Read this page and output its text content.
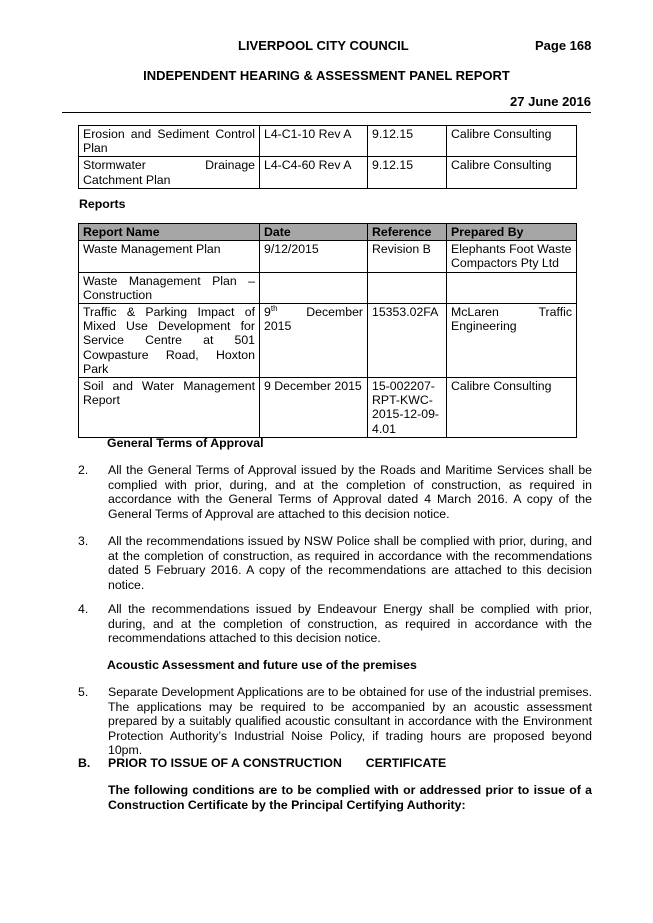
LIVERPOOL CITY COUNCIL	Page 168
INDEPENDENT HEARING & ASSESSMENT PANEL REPORT
27 June 2016
Erosion and Sediment Control Plan	L4-C1-10 Rev A	9.12.15	Calibre Consulting
Stormwater Drainage Catchment Plan	L4-C4-60 Rev A	9.12.15	Calibre Consulting
Reports
Report Name	Date	Reference	Prepared By
Waste Management Plan	9/12/2015	Revision B	Elephants Foot Waste Compactors Pty Ltd
Waste Management Plan – Construction			
Traffic & Parking Impact of Mixed Use Development for Service Centre at 501 Cowpasture Road, Hoxton Park	9th December 2015	15353.02FA	McLaren Traffic Engineering
Soil and Water Management Report	9 December 2015	15-002207-RPT-KWC-2015-12-09-4.01	Calibre Consulting
General Terms of Approval
2. All the General Terms of Approval issued by the Roads and Maritime Services shall be complied with prior, during, and at the completion of construction, as required in accordance with the General Terms of Approval dated 4 March 2016. A copy of the General Terms of Approval are attached to this decision notice.
3. All the recommendations issued by NSW Police shall be complied with prior, during, and at the completion of construction, as required in accordance with the recommendations dated 5 February 2016. A copy of the recommendations are attached to this decision notice.
4. All the recommendations issued by Endeavour Energy shall be complied with prior, during, and at the completion of construction, as required in accordance with the recommendations attached to this decision notice.
Acoustic Assessment and future use of the premises
5. Separate Development Applications are to be obtained for use of the industrial premises. The applications may be required to be accompanied by an acoustic assessment prepared by a suitably qualified acoustic consultant in accordance with the Environment Protection Authority’s Industrial Noise Policy, if trading hours are proposed beyond 10pm.
B. PRIOR TO ISSUE OF A CONSTRUCTION       CERTIFICATE
The following conditions are to be complied with or addressed prior to issue of a Construction Certificate by the Principal Certifying Authority:
